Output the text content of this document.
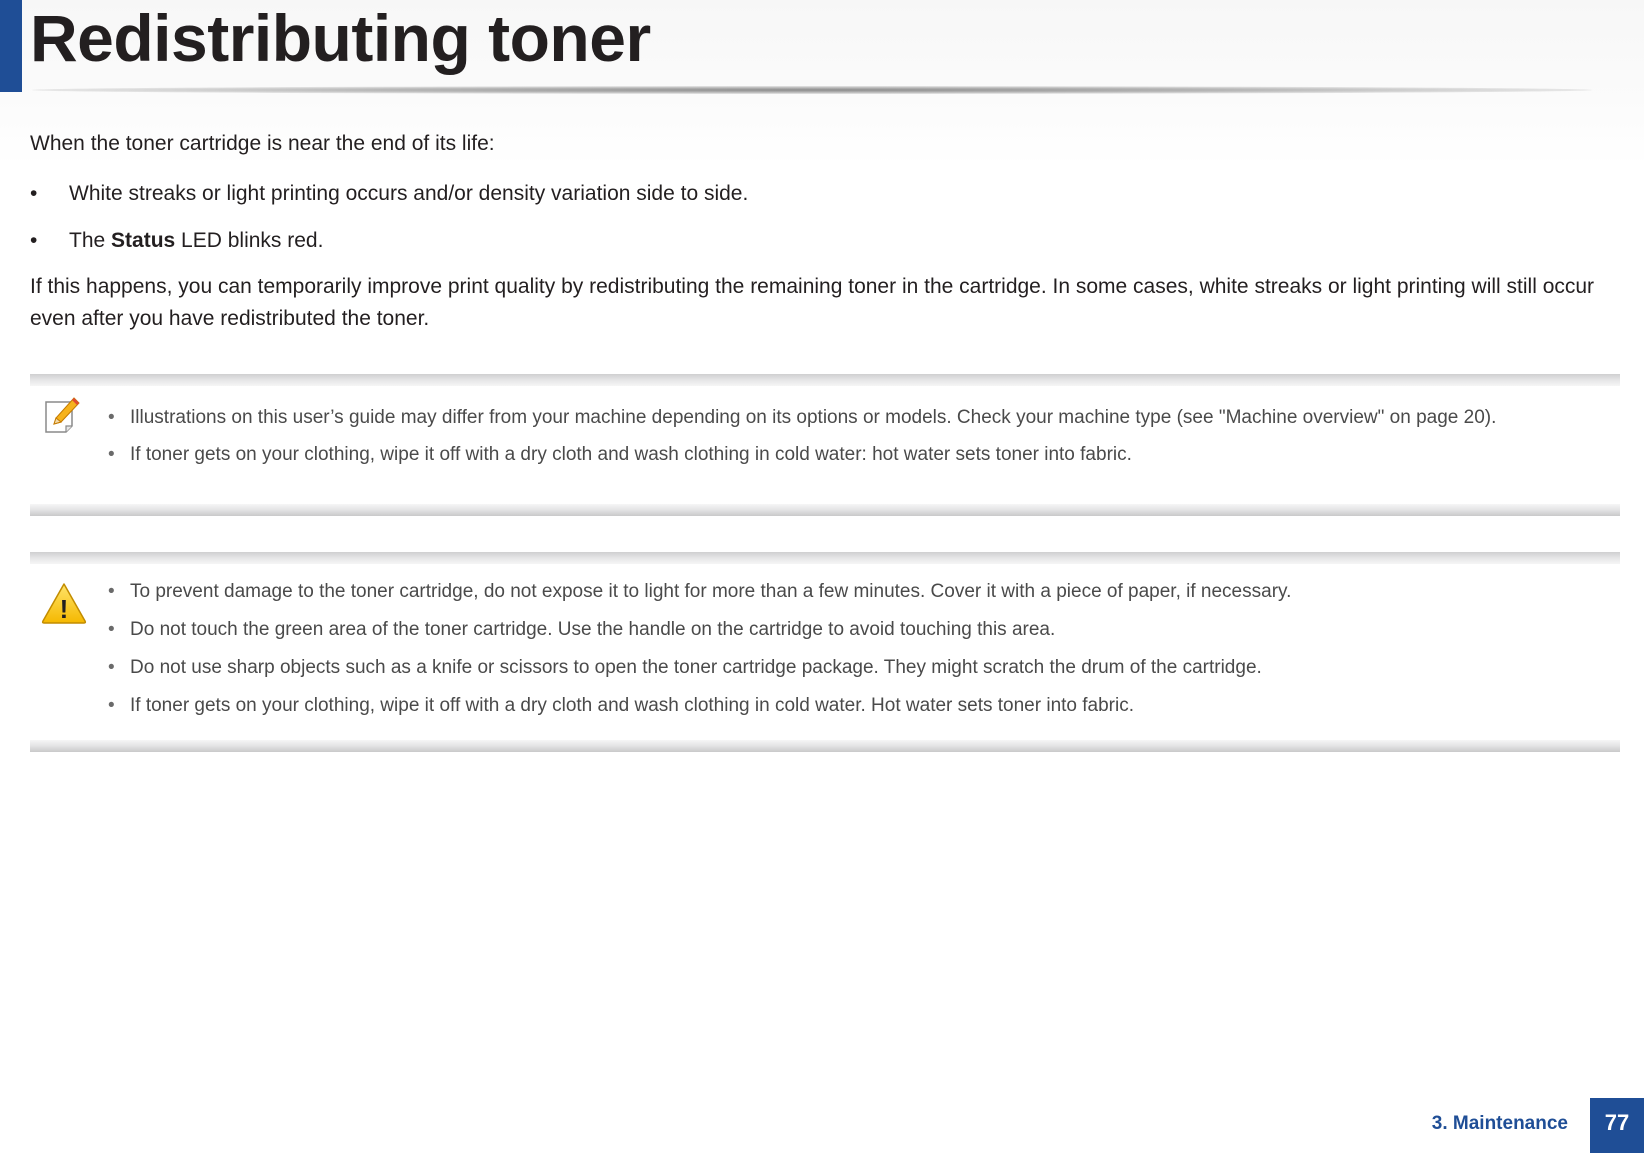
Redistributing toner
When the toner cartridge is near the end of its life:
• White streaks or light printing occurs and/or density variation side to side.
• The Status LED blinks red.
If this happens, you can temporarily improve print quality by redistributing the remaining toner in the cartridge. In some cases, white streaks or light printing will still occur even after you have redistributed the toner.
• Illustrations on this user’s guide may differ from your machine depending on its options or models. Check your machine type (see "Machine overview" on page 20).
• If toner gets on your clothing, wipe it off with a dry cloth and wash clothing in cold water: hot water sets toner into fabric.
!
• To prevent damage to the toner cartridge, do not expose it to light for more than a few minutes. Cover it with a piece of paper, if necessary.
• Do not touch the green area of the toner cartridge. Use the handle on the cartridge to avoid touching this area.
• Do not use sharp objects such as a knife or scissors to open the toner cartridge package. They might scratch the drum of the cartridge.
• If toner gets on your clothing, wipe it off with a dry cloth and wash clothing in cold water. Hot water sets toner into fabric.
3. Maintenance	77
